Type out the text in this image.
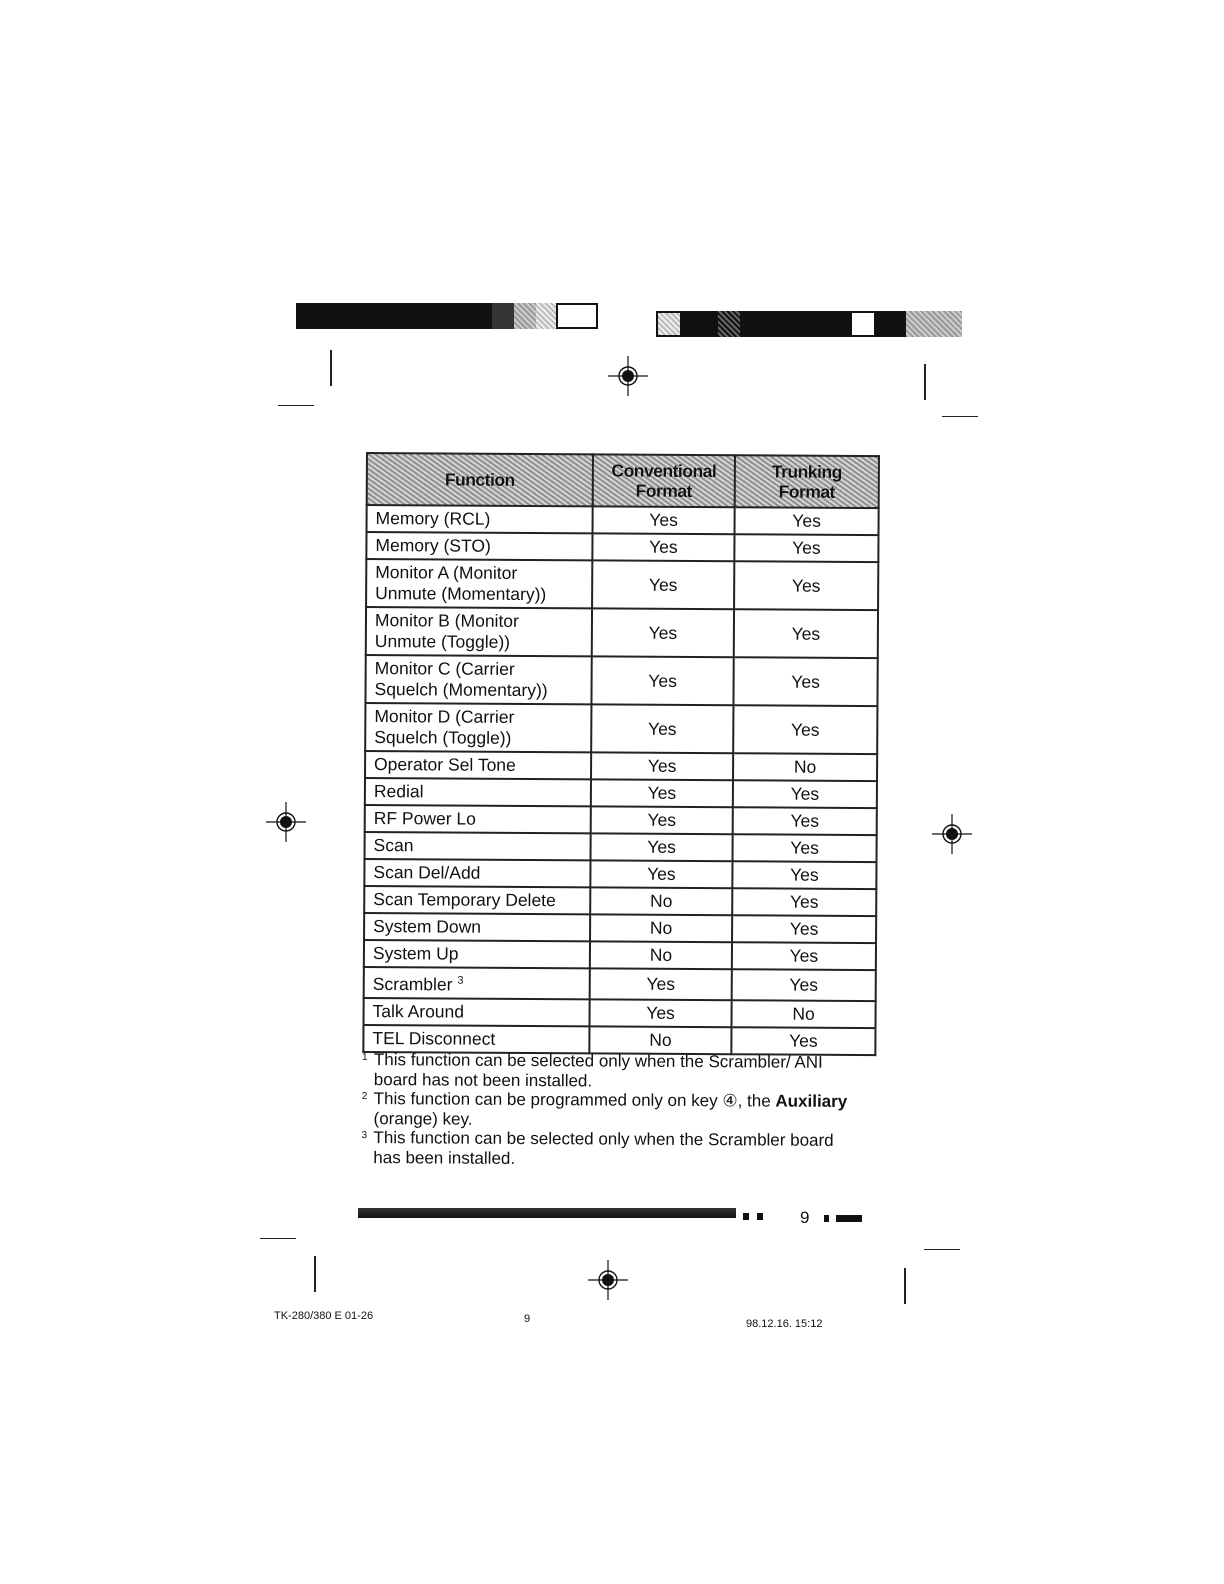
Function	Conventional Format	Trunking Format
Memory (RCL)	Yes	Yes
Memory (STO)	Yes	Yes
Monitor A (Monitor Unmute (Momentary))	Yes	Yes
Monitor B (Monitor Unmute (Toggle))	Yes	Yes
Monitor C (Carrier Squelch (Momentary))	Yes	Yes
Monitor D (Carrier Squelch (Toggle))	Yes	Yes
Operator Sel Tone	Yes	No
Redial	Yes	Yes
RF Power Lo	Yes	Yes
Scan	Yes	Yes
Scan Del/Add	Yes	Yes
Scan Temporary Delete	No	Yes
System Down	No	Yes
System Up	No	Yes
Scrambler $^3$	Yes	Yes
Talk Around	Yes	No
TEL Disconnect	No	Yes
1 This function can be selected only when the Scrambler/ ANI board has not been installed.
2 This function can be programmed only on key ④, the Auxiliary (orange) key.
3 This function can be selected only when the Scrambler board has been installed.
9
TK-280/380 E 01-26	9	98.12.16. 15:12
